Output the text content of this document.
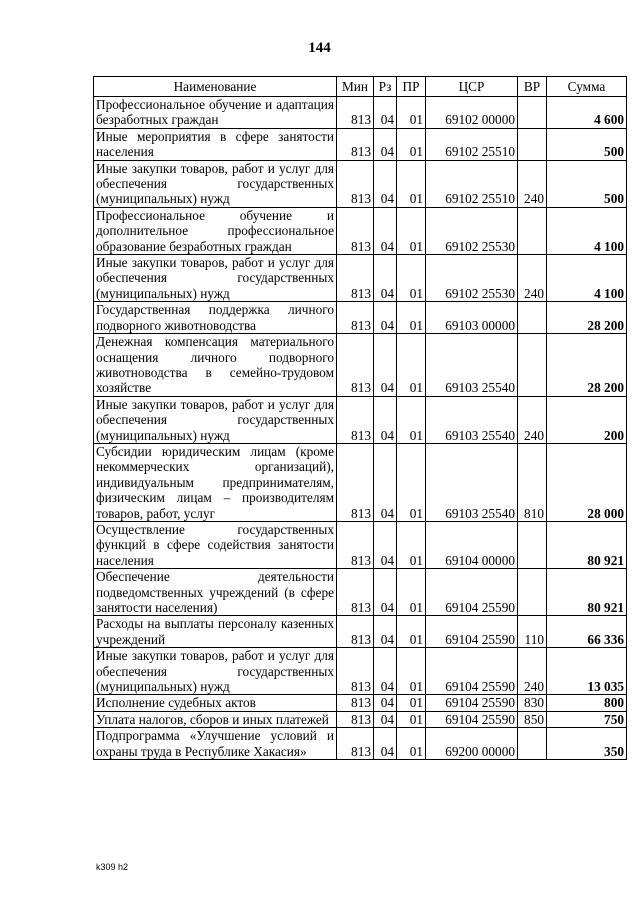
144
Наименование	Мин	Рз	ПР	ЦСР	ВР	Сумма
Профессиональное обучение и адаптация безработных граждан	813	04	01	69102 00000		4 600
Иные мероприятия в сфере занятости населения	813	04	01	69102 25510		500
Иные закупки товаров, работ и услуг для обеспечения государственных (муниципальных) нужд	813	04	01	69102 25510	240	500
Профессиональное обучение и дополнительное профессиональное образование безработных граждан	813	04	01	69102 25530		4 100
Иные закупки товаров, работ и услуг для обеспечения государственных (муниципальных) нужд	813	04	01	69102 25530	240	4 100
Государственная поддержка личного подворного животноводства	813	04	01	69103 00000		28 200
Денежная компенсация материального оснащения личного подворного животноводства в семейно-трудовом хозяйстве	813	04	01	69103 25540		28 200
Иные закупки товаров, работ и услуг для обеспечения государственных (муниципальных) нужд	813	04	01	69103 25540	240	200
Субсидии юридическим лицам (кроме некоммерческих организаций), индивидуальным предпринимателям, физическим лицам – производителям товаров, работ, услуг	813	04	01	69103 25540	810	28 000
Осуществление государственных функций в сфере содействия занятости населения	813	04	01	69104 00000		80 921
Обеспечение деятельности подведомственных учреждений (в сфере занятости населения)	813	04	01	69104 25590		80 921
Расходы на выплаты персоналу казенных учреждений	813	04	01	69104 25590	110	66 336
Иные закупки товаров, работ и услуг для обеспечения государственных (муниципальных) нужд	813	04	01	69104 25590	240	13 035
Исполнение судебных актов	813	04	01	69104 25590	830	800
Уплата налогов, сборов и иных платежей	813	04	01	69104 25590	850	750
Подпрограмма «Улучшение условий и охраны труда в Республике Хакасия»	813	04	01	69200 00000		350
k309 h2
